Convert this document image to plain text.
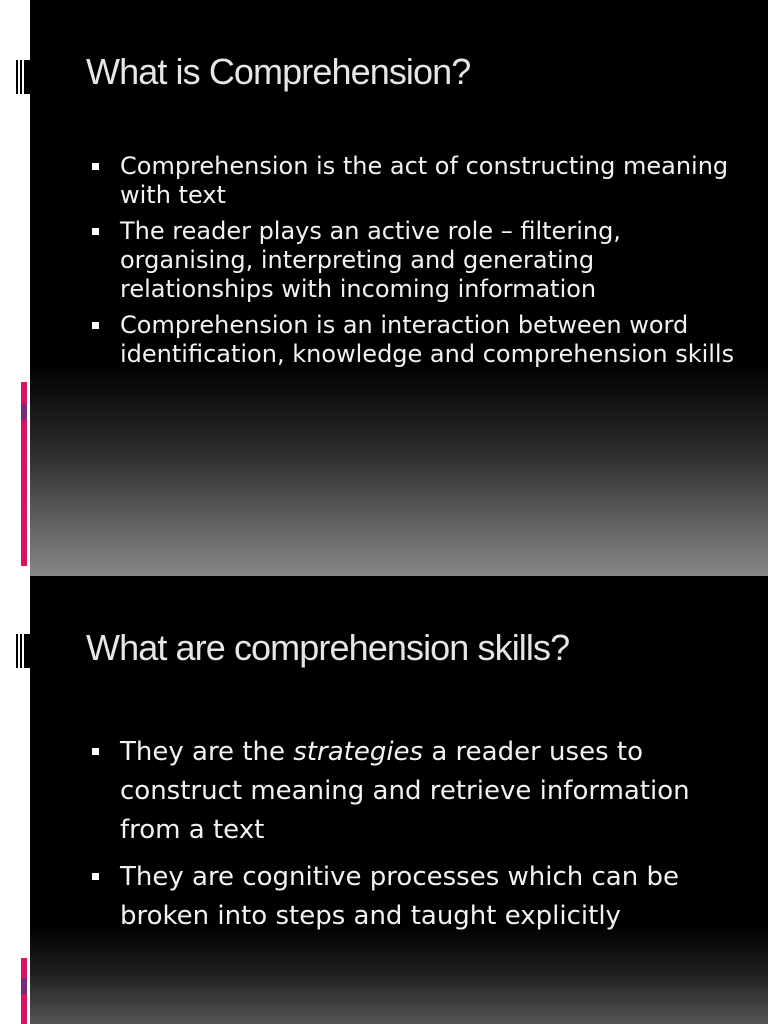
What is Comprehension?
Comprehension is the act of constructing meaning with text
The reader plays an active role – filtering, organising, interpreting and generating relationships with incoming information
Comprehension is an interaction between word identification, knowledge and comprehension skills
What are comprehension skills?
They are the strategies a reader uses to construct meaning and retrieve information from a text
They are cognitive processes which can be broken into steps and taught explicitly
